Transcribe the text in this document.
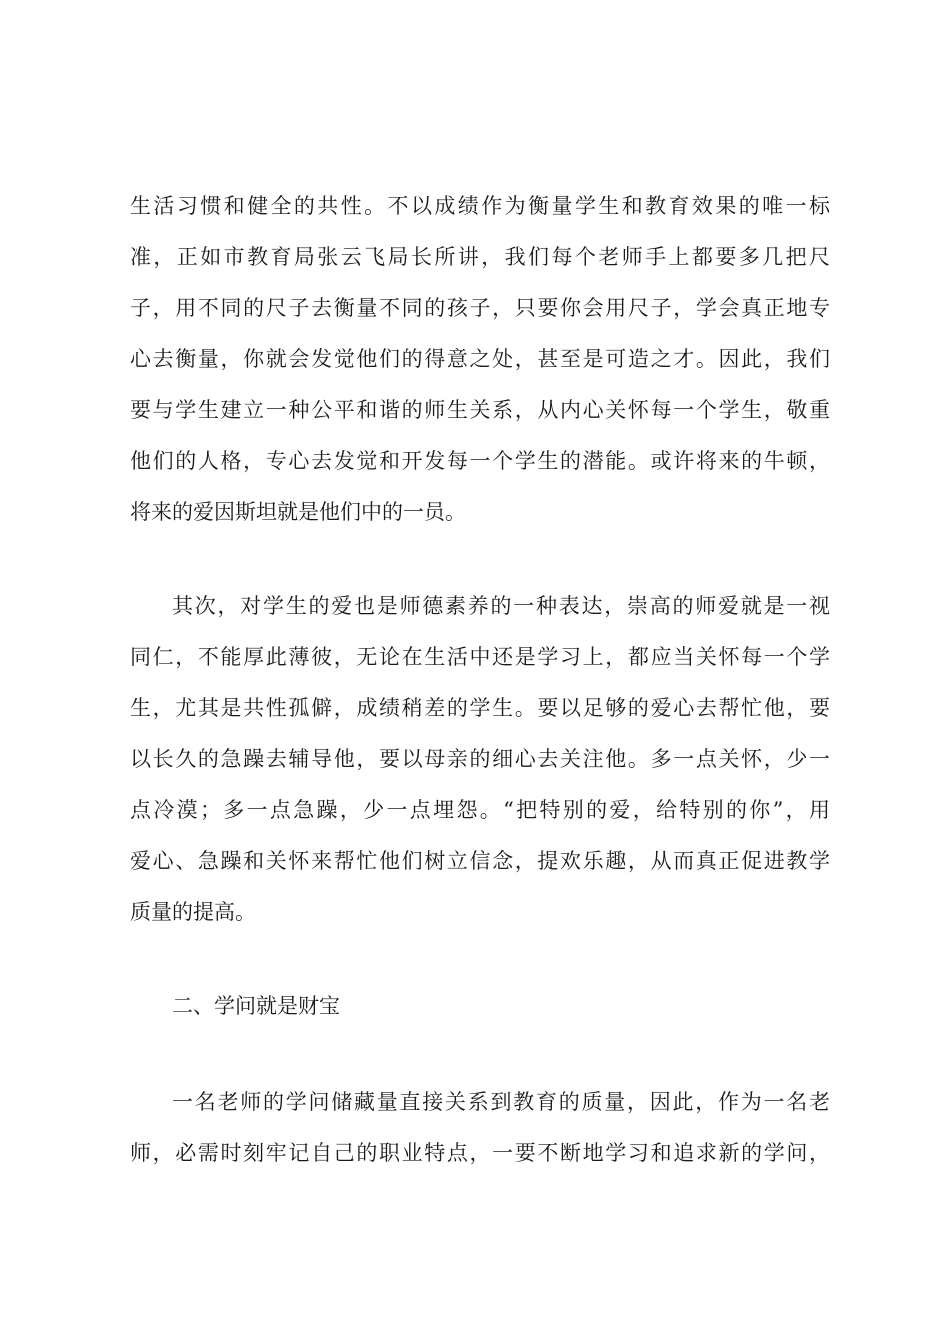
生活习惯和健全的共性。不以成绩作为衡量学生和教育效果的唯一标
准，正如市教育局张云飞局长所讲，我们每个老师手上都要多几把尺
子，用不同的尺子去衡量不同的孩子，只要你会用尺子，学会真正地专
心去衡量，你就会发觉他们的得意之处，甚至是可造之才。因此，我们
要与学生建立一种公平和谐的师生关系，从内心关怀每一个学生，敬重
他们的人格，专心去发觉和开发每一个学生的潜能。或许将来的牛顿，
将来的爱因斯坦就是他们中的一员。
其次，对学生的爱也是师德素养的一种表达，崇高的师爱就是一视
同仁，不能厚此薄彼，无论在生活中还是学习上，都应当关怀每一个学
生，尤其是共性孤僻，成绩稍差的学生。要以足够的爱心去帮忙他，要
以长久的急躁去辅导他，要以母亲的细心去关注他。多一点关怀，少一
点冷漠；多一点急躁，少一点埋怨。“把特别的爱，给特别的你”，用
爱心、急躁和关怀来帮忙他们树立信念，提欢乐趣，从而真正促进教学
质量的提高。
二、学问就是财宝
一名老师的学问储藏量直接关系到教育的质量，因此，作为一名老
师，必需时刻牢记自己的职业特点，一要不断地学习和追求新的学问，
